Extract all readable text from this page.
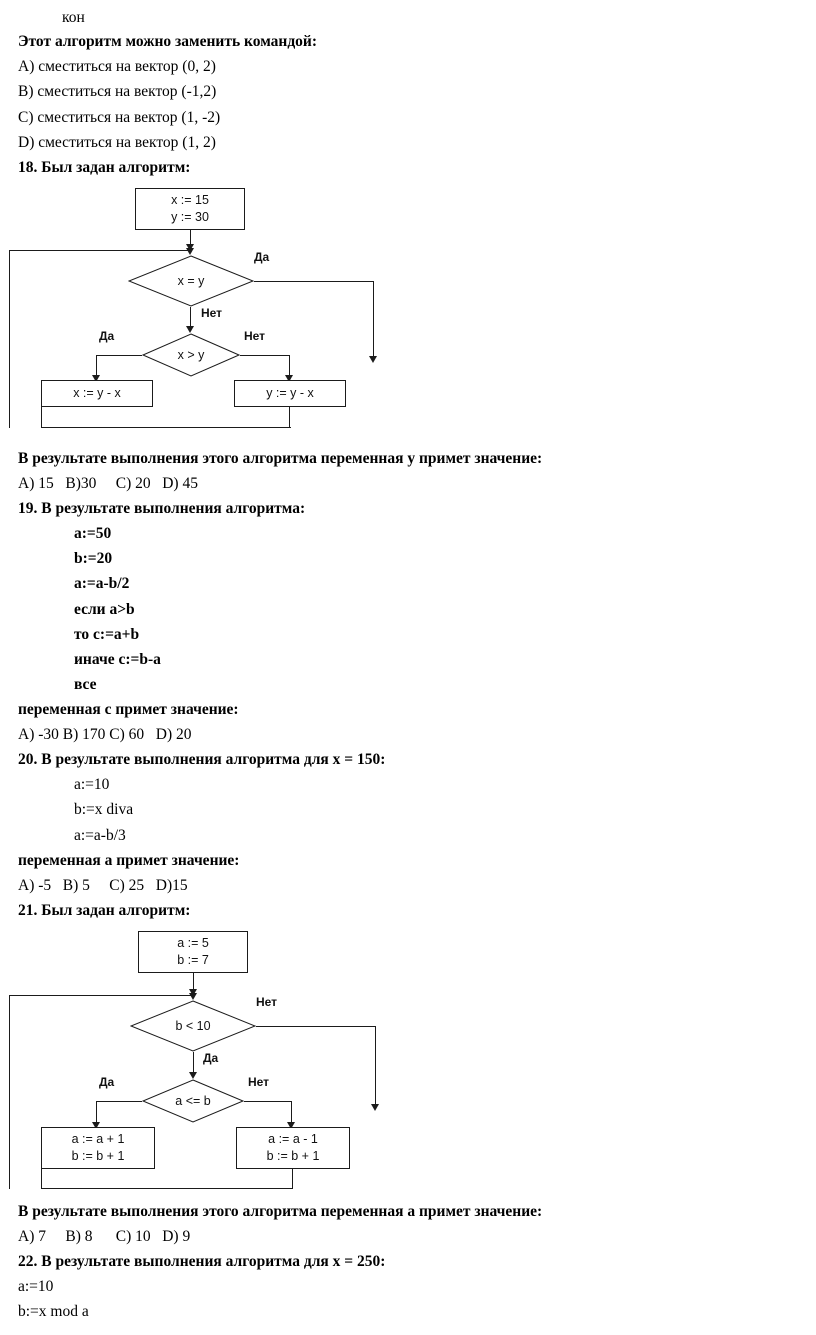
кон
Этот алгоритм можно заменить командой:
A) сместиться на вектор (0, 2)
B) сместиться на вектор (-1,2)
C) сместиться на вектор (1, -2)
D) сместиться на вектор (1, 2)
18. Был задан алгоритм:
x := 15
y := 30
x = y
Да
Нет
x > y
Да	Нет
x := y - x	y := y - x
В результате выполнения этого алгоритма переменная у примет значение:
A) 15   B)30     C) 20   D) 45
19. В результате выполнения алгоритма:
a:=50
b:=20
a:=a-b/2
если a>b
то c:=a+b
иначе c:=b-a
все
переменная с примет значение:
A) -30 B) 170 C) 60   D) 20
20. В результате выполнения алгоритма для х = 150:
a:=10
b:=x diva
a:=a-b/3
переменная a примет значение:
A) -5   B) 5     C) 25   D)15
21. Был задан алгоритм:
a := 5
b := 7
b < 10
Нет
Да
a <= b
Да	Нет
a := a + 1
b := b + 1
a := a - 1
b := b + 1
В результате выполнения этого алгоритма переменная a примет значение:
A) 7     B) 8      C) 10   D) 9
22. В результате выполнения алгоритма для х = 250:
a:=10
b:=x mod a
